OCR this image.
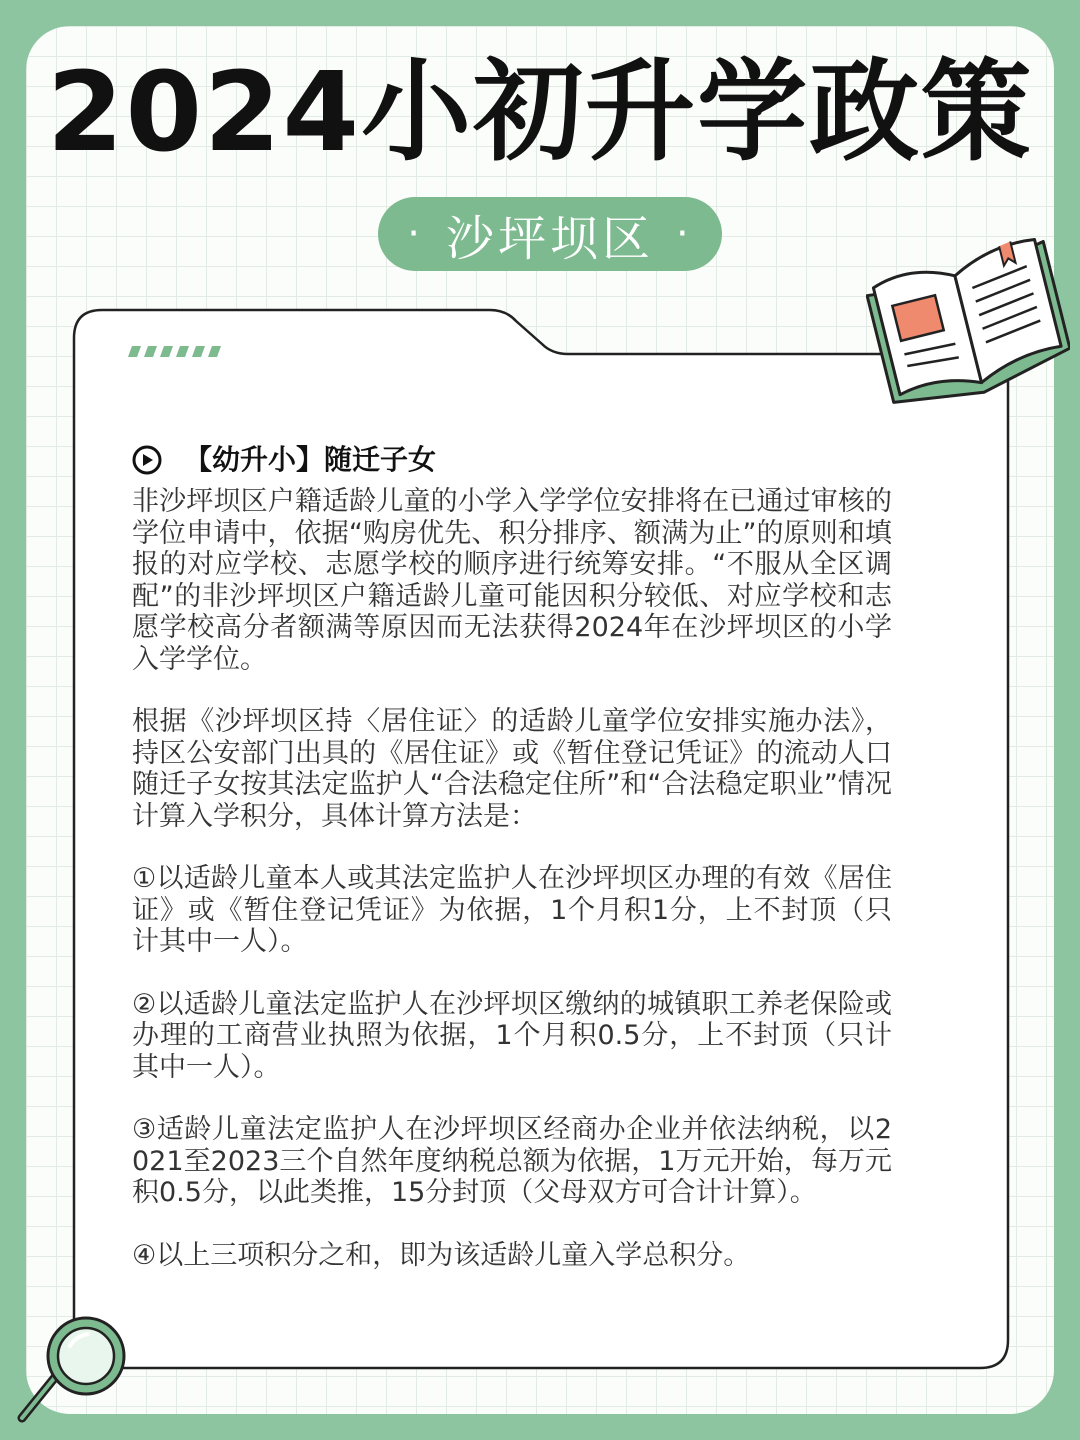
2024小初升学政策
· 沙坪坝区 ·
【幼升小】随迁子女

非沙坪坝区户籍适龄儿童的小学入学学位安排将在已通过审核的学位申请中，依据“购房优先、积分排序、额满为止”的原则和填报的对应学校、志愿学校的顺序进行统筹安排。“不服从全区调配”的非沙坪坝区户籍适龄儿童可能因积分较低、对应学校和志愿学校高分者额满等原因而无法获得2024年在沙坪坝区的小学入学学位。

根据《沙坪坝区持〈居住证〉的适龄儿童学位安排实施办法》，持区公安部门出具的《居住证》或《暂住登记凭证》的流动人口随迁子女按其法定监护人“合法稳定住所”和“合法稳定职业”情况计算入学积分，具体计算方法是：

①以适龄儿童本人或其法定监护人在沙坪坝区办理的有效《居住证》或《暂住登记凭证》为依据，1个月积1分，上不封顶（只计其中一人）。

②以适龄儿童法定监护人在沙坪坝区缴纳的城镇职工养老保险或办理的工商营业执照为依据，1个月积0.5分，上不封顶（只计其中一人）。

③适龄儿童法定监护人在沙坪坝区经商办企业并依法纳税，以2021至2023三个自然年度纳税总额为依据，1万元开始，每万元积0.5分，以此类推，15分封顶（父母双方可合计计算）。

④以上三项积分之和，即为该适龄儿童入学总积分。
